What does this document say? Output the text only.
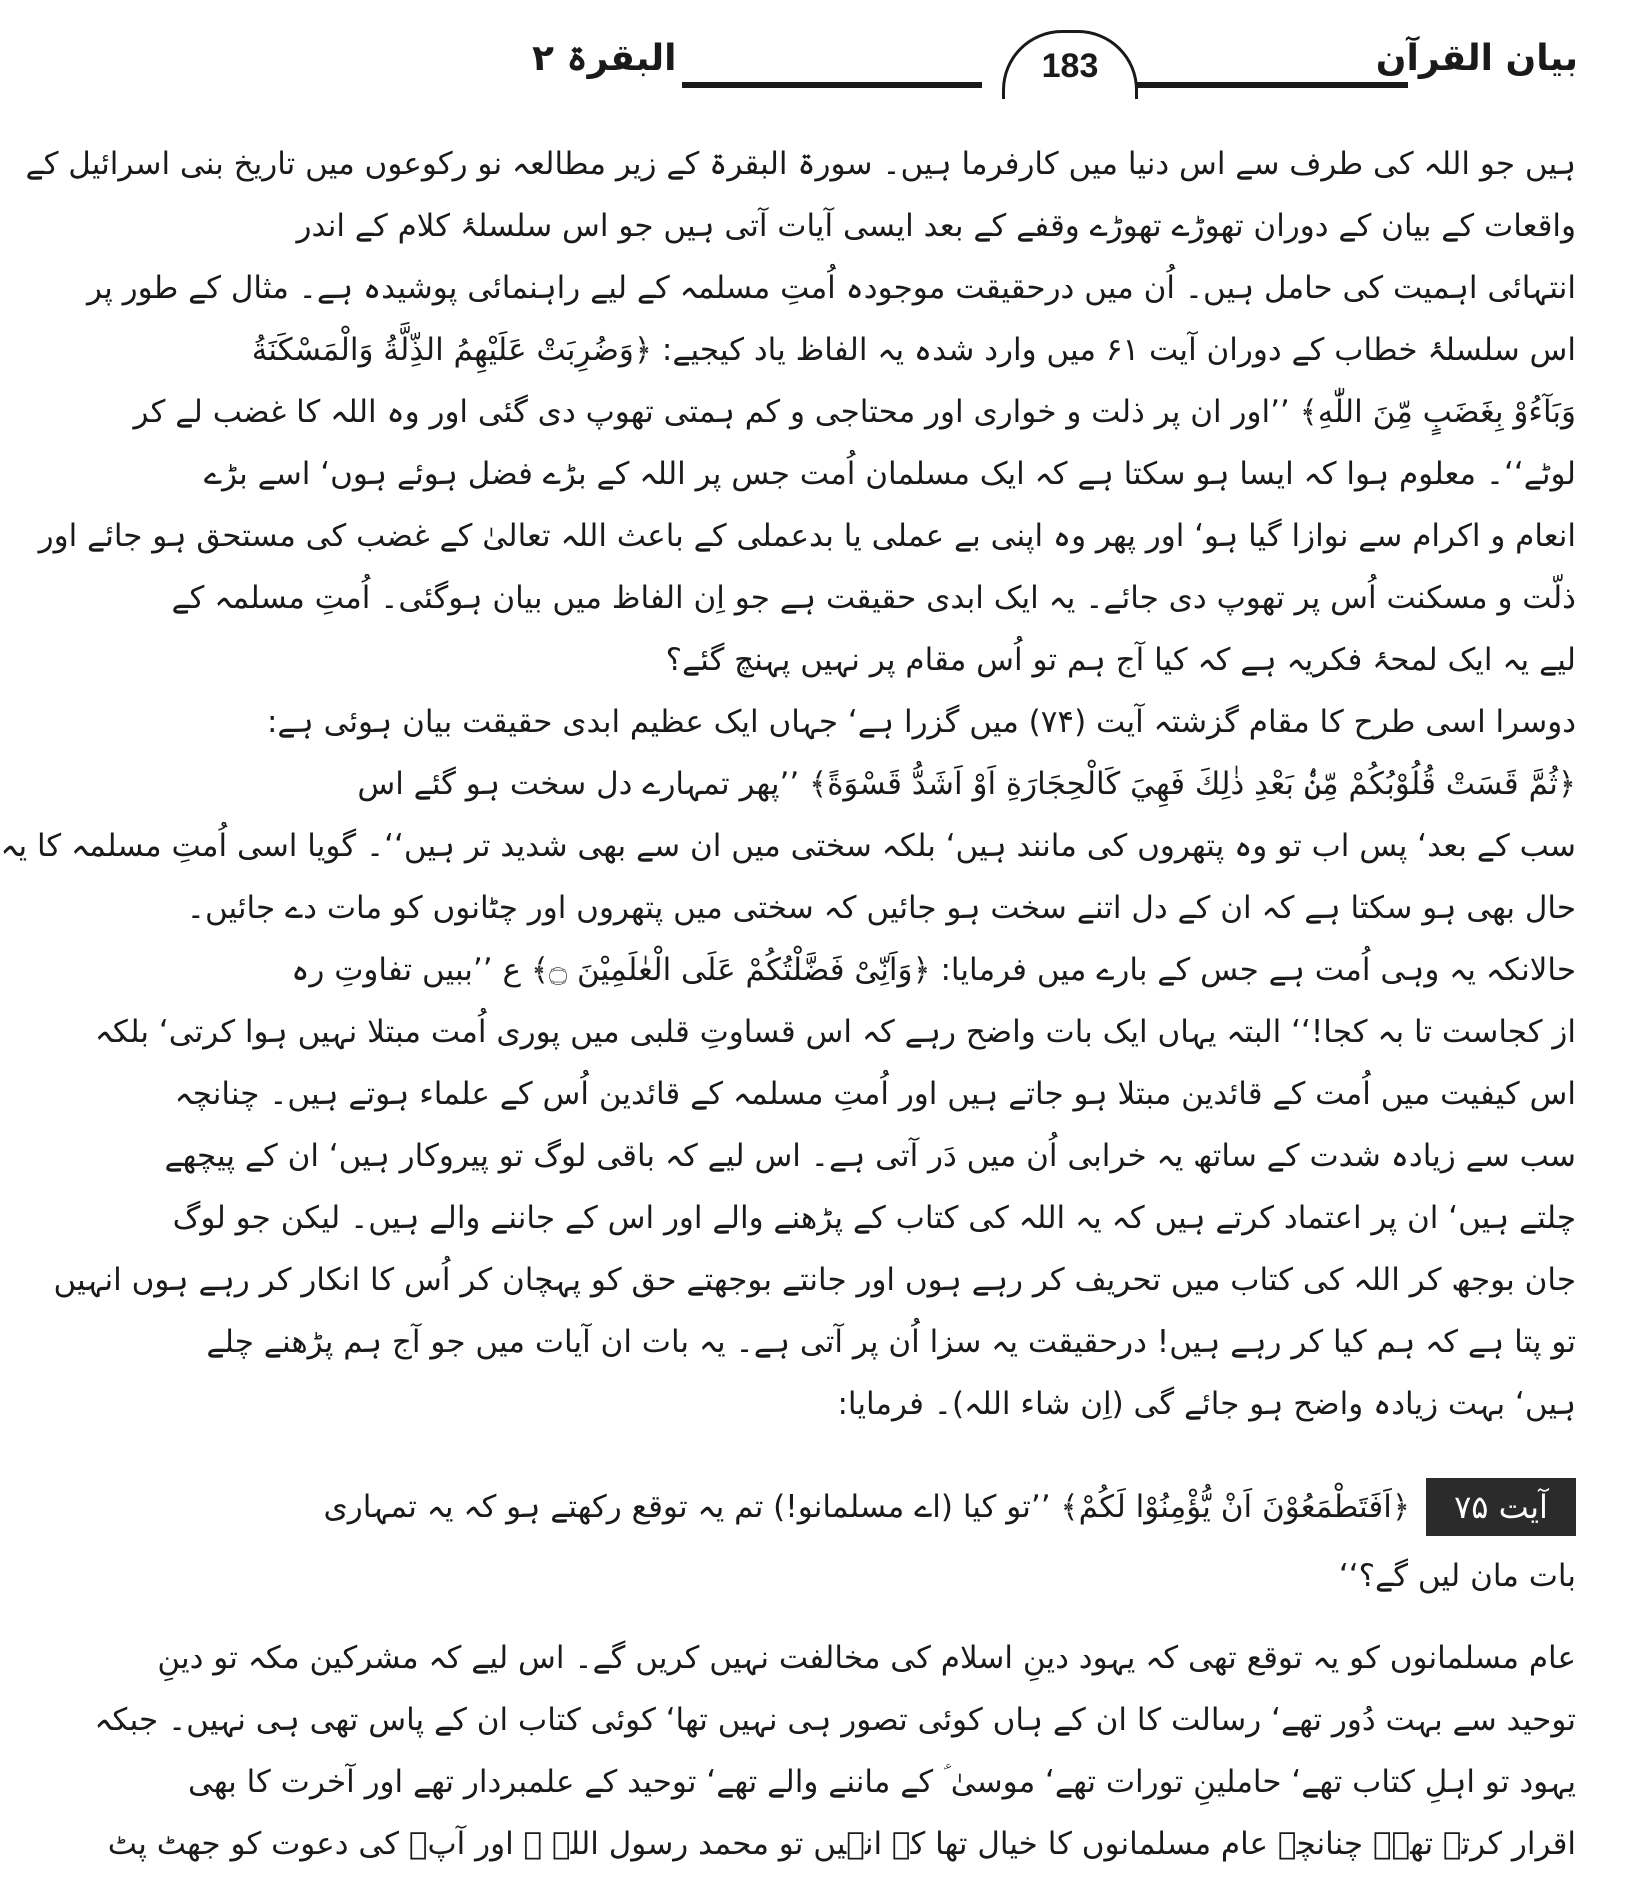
بیان القرآن
183
البقرۃ ۲
ہیں جو اللہ کی طرف سے اس دنیا میں کارفرما ہیں۔ سورۃ البقرۃ کے زیر مطالعہ نو رکوعوں میں تاریخ بنی اسرائیل کے
واقعات کے بیان کے دوران تھوڑے تھوڑے وقفے کے بعد ایسی آیات آتی ہیں جو اس سلسلۂ کلام کے اندر
انتہائی اہمیت کی حامل ہیں۔ اُن میں درحقیقت موجودہ اُمتِ مسلمہ کے لیے راہنمائی پوشیدہ ہے۔ مثال کے طور پر
اس سلسلۂ خطاب کے دوران آیت ۶۱ میں وارد شدہ یہ الفاظ یاد کیجیے: ﴿وَضُرِبَتْ عَلَيْهِمُ الذِّلَّةُ وَالْمَسْكَنَةُ
وَبَآءُوْ بِغَضَبٍ مِّنَ اللّٰهِ﴾ ’’اور ان پر ذلت و خواری اور محتاجی و کم ہمتی تھوپ دی گئی اور وہ اللہ کا غضب لے کر
لوٹے‘‘۔ معلوم ہوا کہ ایسا ہو سکتا ہے کہ ایک مسلمان اُمت جس پر اللہ کے بڑے فضل ہوئے ہوں‘ اسے بڑے
انعام و اکرام سے نوازا گیا ہو‘ اور پھر وہ اپنی بے عملی یا بدعملی کے باعث اللہ تعالیٰ کے غضب کی مستحق ہو جائے اور
ذلّت و مسکنت اُس پر تھوپ دی جائے۔ یہ ایک ابدی حقیقت ہے جو اِن الفاظ میں بیان ہوگئی۔ اُمتِ مسلمہ کے
لیے یہ ایک لمحۂ فکریہ ہے کہ کیا آج ہم تو اُس مقام پر نہیں پہنچ گئے؟
دوسرا اسی طرح کا مقام گزشتہ آیت (۷۴) میں گزرا ہے‘ جہاں ایک عظیم ابدی حقیقت بیان ہوئی ہے:
﴿ثُمَّ قَسَتْ قُلُوْبُكُمْ مِّنْۢ بَعْدِ ذٰلِكَ فَهِيَ كَالْحِجَارَةِ اَوْ اَشَدُّ قَسْوَةً﴾ ’’پھر تمہارے دل سخت ہو گئے اس
سب کے بعد‘ پس اب تو وہ پتھروں کی مانند ہیں‘ بلکہ سختی میں ان سے بھی شدید تر ہیں‘‘۔ گویا اسی اُمتِ مسلمہ کا یہ
حال بھی ہو سکتا ہے کہ ان کے دل اتنے سخت ہو جائیں کہ سختی میں پتھروں اور چٹانوں کو مات دے جائیں۔
حالانکہ یہ وہی اُمت ہے جس کے بارے میں فرمایا: ﴿وَاَنِّىْ فَضَّلْتُكُمْ عَلَى الْعٰلَمِيْنَ ۝﴾ ع ’’ببیں تفاوتِ رہ
از کجاست تا بہ کجا!‘‘ البتہ یہاں ایک بات واضح رہے کہ اس قساوتِ قلبی میں پوری اُمت مبتلا نہیں ہوا کرتی‘ بلکہ
اس کیفیت میں اُمت کے قائدین مبتلا ہو جاتے ہیں اور اُمتِ مسلمہ کے قائدین اُس کے علماء ہوتے ہیں۔ چنانچہ
سب سے زیادہ شدت کے ساتھ یہ خرابی اُن میں دَر آتی ہے۔ اس لیے کہ باقی لوگ تو پیروکار ہیں‘ ان کے پیچھے
چلتے ہیں‘ ان پر اعتماد کرتے ہیں کہ یہ اللہ کی کتاب کے پڑھنے والے اور اس کے جاننے والے ہیں۔ لیکن جو لوگ
جان بوجھ کر اللہ کی کتاب میں تحریف کر رہے ہوں اور جانتے بوجھتے حق کو پہچان کر اُس کا انکار کر رہے ہوں انہیں
تو پتا ہے کہ ہم کیا کر رہے ہیں! درحقیقت یہ سزا اُن پر آتی ہے۔ یہ بات ان آیات میں جو آج ہم پڑھنے چلے
ہیں‘ بہت زیادہ واضح ہو جائے گی (اِن شاء اللہ)۔ فرمایا:
آیت ۷۵
﴿اَفَتَطْمَعُوْنَ اَنْ يُّؤْمِنُوْا لَكُمْ﴾ ’’تو کیا (اے مسلمانو!) تم یہ توقع رکھتے ہو کہ یہ تمہاری
بات مان لیں گے؟‘‘
عام مسلمانوں کو یہ توقع تھی کہ یہود دینِ اسلام کی مخالفت نہیں کریں گے۔ اس لیے کہ مشرکین مکہ تو دینِ
توحید سے بہت دُور تھے‘ رسالت کا ان کے ہاں کوئی تصور ہی نہیں تھا‘ کوئی کتاب ان کے پاس تھی ہی نہیں۔ جبکہ
یہود تو اہلِ کتاب تھے‘ حاملینِ تورات تھے‘ موسیٰ ؑ کے ماننے والے تھے‘ توحید کے علمبردار تھے اور آخرت کا بھی
اقرار کرتے تھے۔ چنانچہ عام مسلمانوں کا خیال تھا کہ انہیں تو محمد رسول اللہ ﷺ اور آپؐ کی دعوت کو جھٹ پٹ
